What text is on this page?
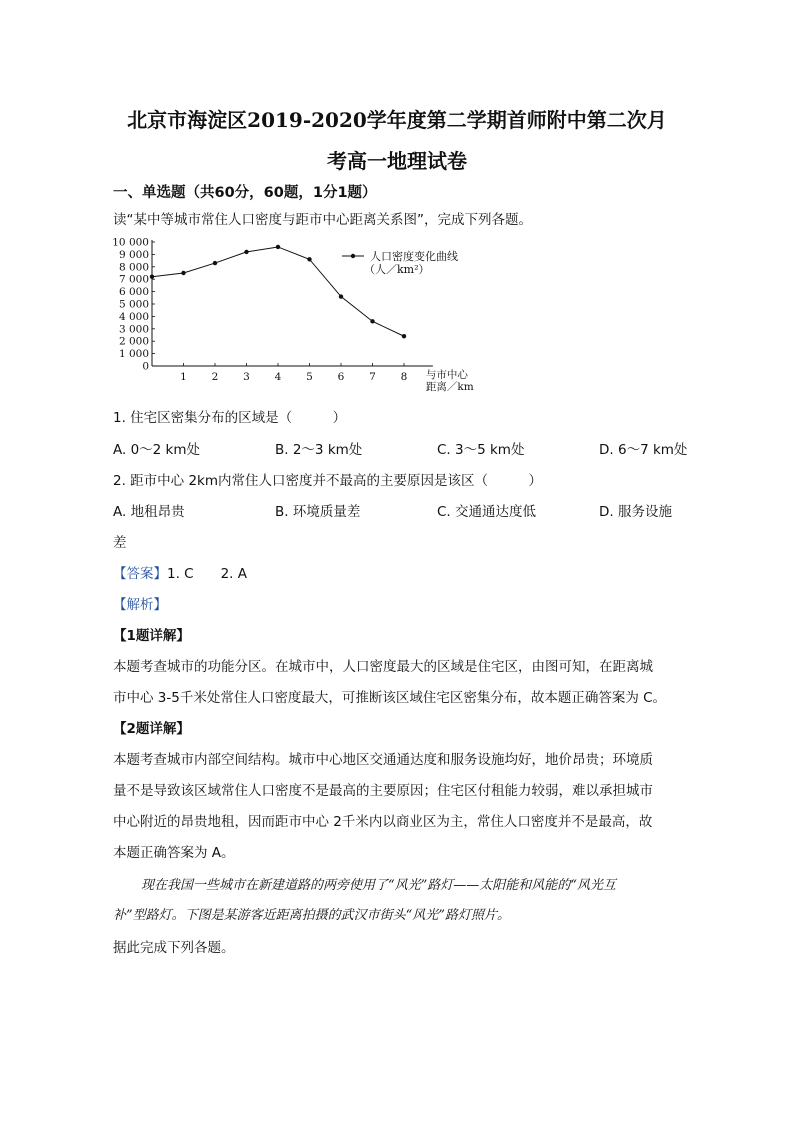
北京市海淀区2019-2020学年度第二学期首师附中第二次月
考高一地理试卷
一、单选题（共60分，60题，1分1题）
读“某中等城市常住人口密度与距市中心距离关系图”，完成下列各题。
0
1 000
2 000
3 000
4 000
5 000
6 000
7 000
8 000
9 000
10 000
1 2 3 4 5 6 7 8 与市中心
距离／km
人口密度变化曲线
（人／km²）
1. 住宅区密集分布的区域是（　　　）
A. 0～2 km处	B. 2～3 km处	C. 3～5 km处	D. 6～7 km处
2. 距市中心 2km内常住人口密度并不最高的主要原因是该区（　　　）
A. 地租昂贵	B. 环境质量差	C. 交通通达度低	D. 服务设施
差
【答案】1. C　　2. A
【解析】
【1题详解】
本题考查城市的功能分区。在城市中，人口密度最大的区域是住宅区，由图可知，在距离城
市中心 3-5千米处常住人口密度最大，可推断该区域住宅区密集分布，故本题正确答案为 C。
【2题详解】
本题考查城市内部空间结构。城市中心地区交通通达度和服务设施均好，地价昂贵；环境质
量不是导致该区域常住人口密度不是最高的主要原因；住宅区付租能力较弱，难以承担城市
中心附近的昂贵地租，因而距市中心 2千米内以商业区为主，常住人口密度并不是最高，故
本题正确答案为 A。
现在我国一些城市在新建道路的两旁使用了“风光”路灯——太阳能和风能的“风光互
补”型路灯。下图是某游客近距离拍摄的武汉市街头“风光”路灯照片。
据此完成下列各题。
